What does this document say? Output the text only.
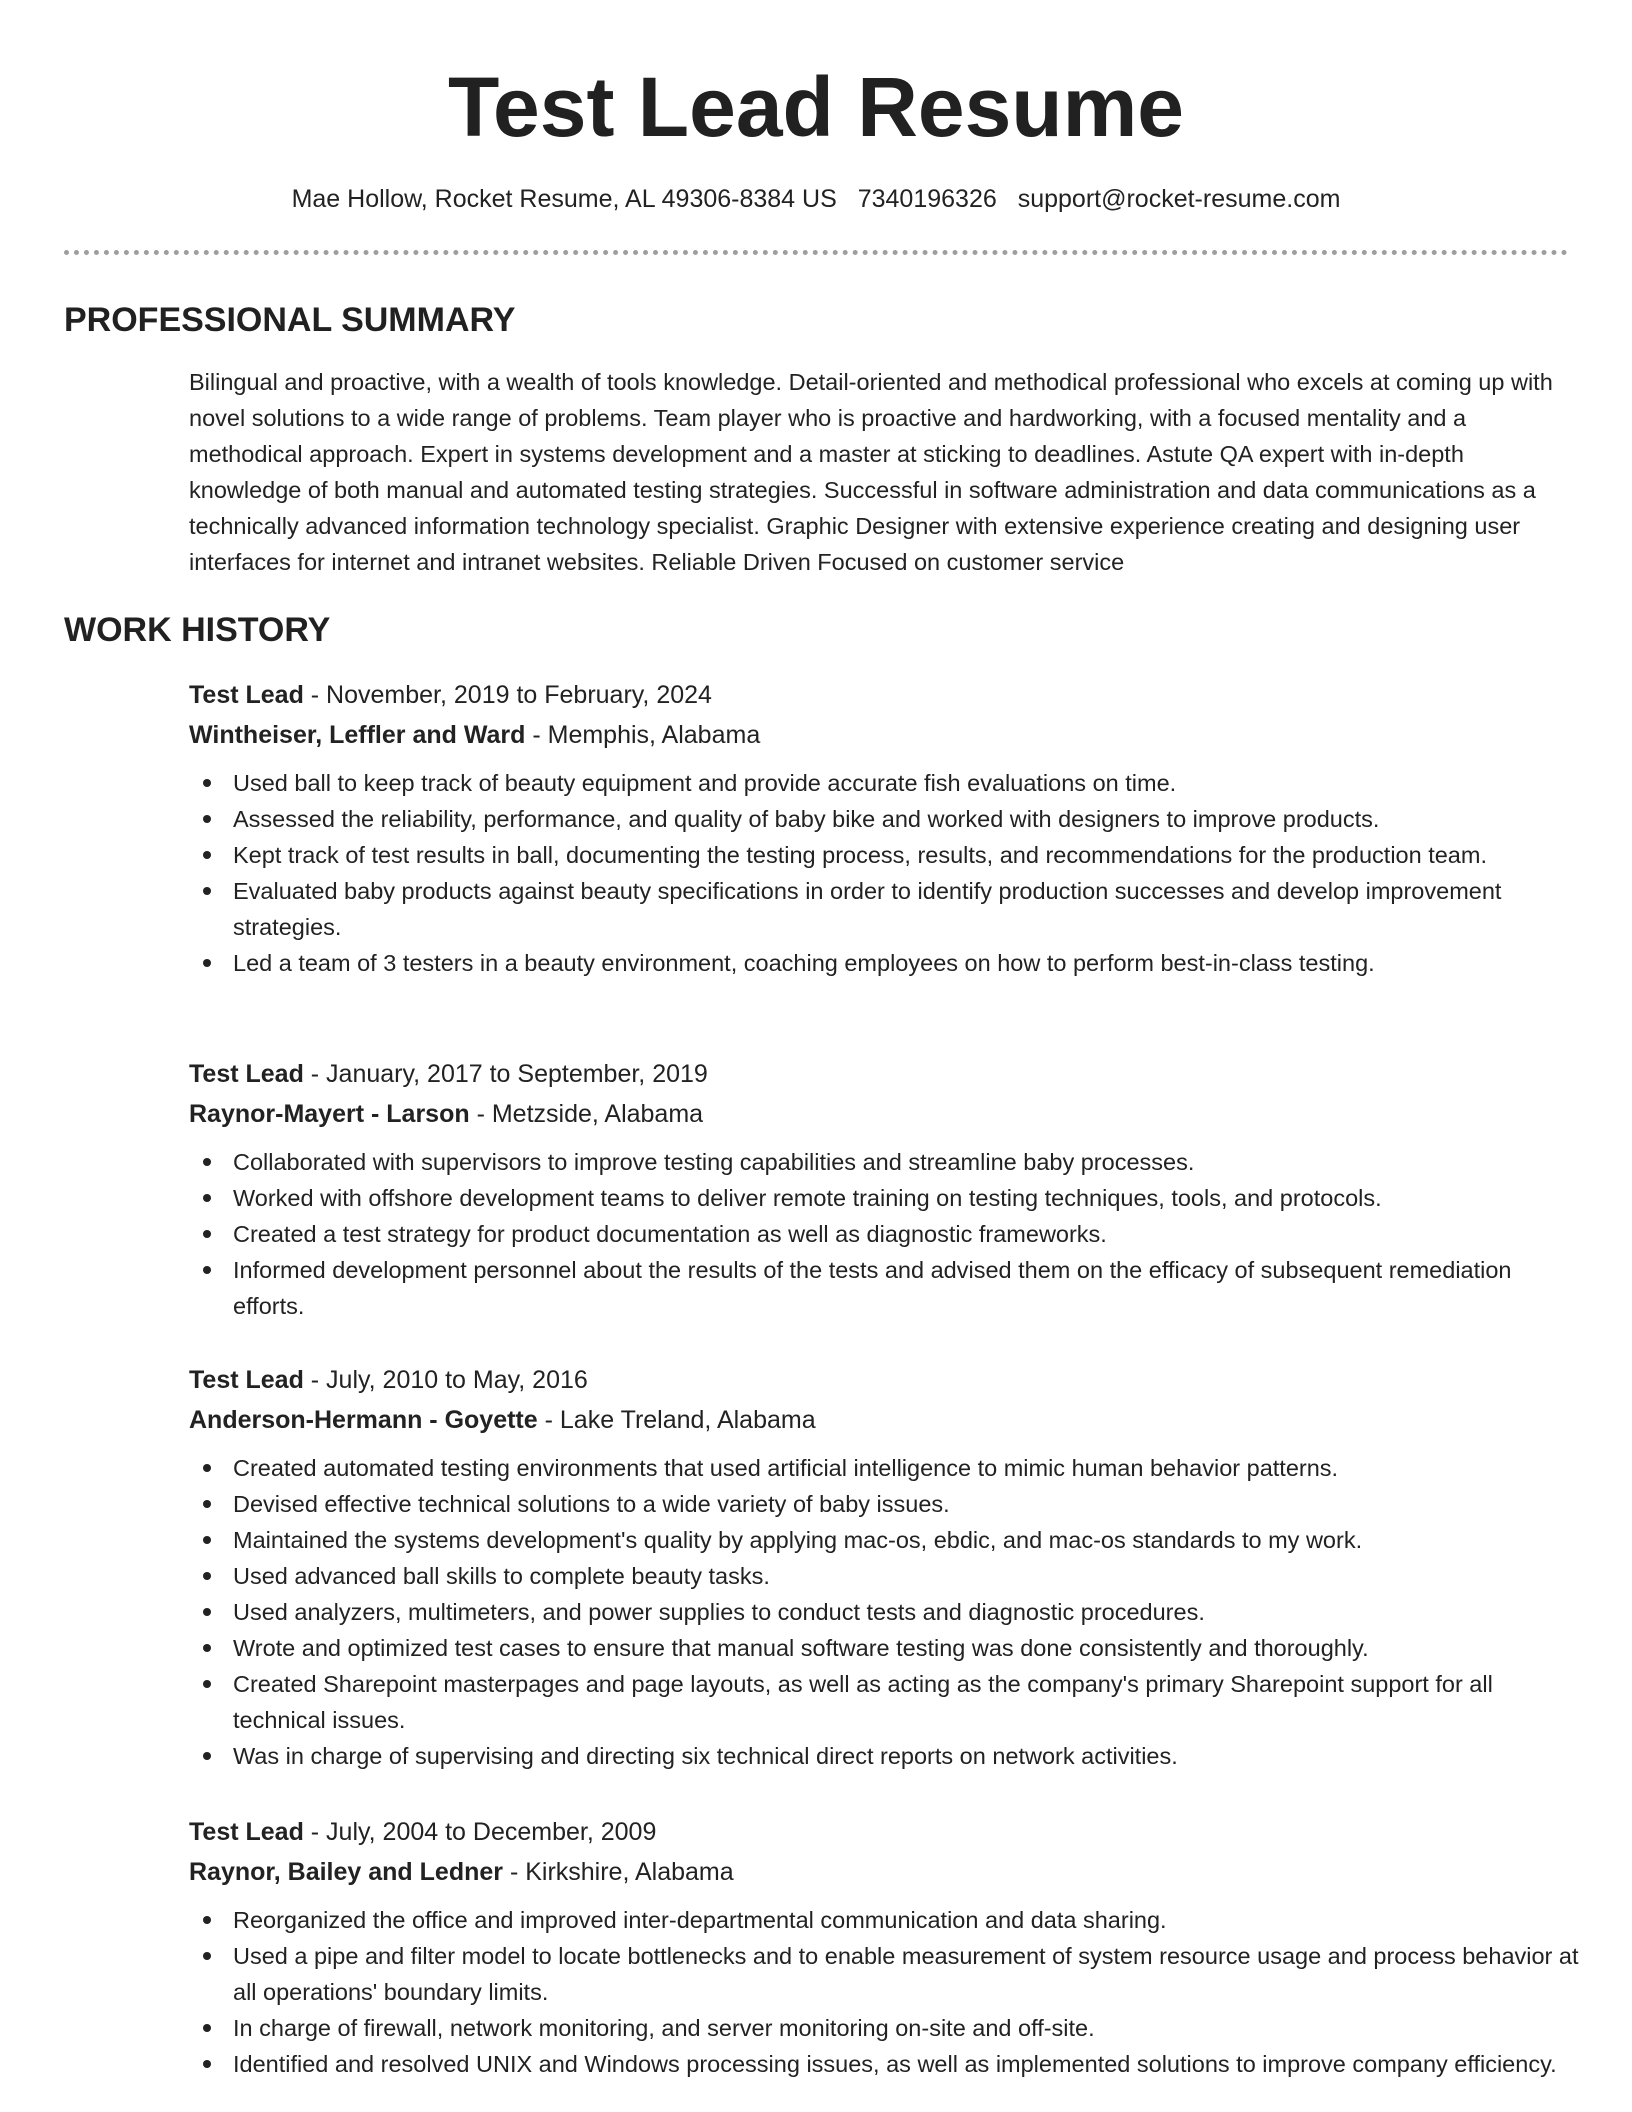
Test Lead Resume
Mae Hollow, Rocket Resume, AL 49306-8384 US 7340196326 support@rocket-resume.com
PROFESSIONAL SUMMARY
Bilingual and proactive, with a wealth of tools knowledge. Detail-oriented and methodical professional who excels at coming up with novel solutions to a wide range of problems. Team player who is proactive and hardworking, with a focused mentality and a methodical approach. Expert in systems development and a master at sticking to deadlines. Astute QA expert with in-depth knowledge of both manual and automated testing strategies. Successful in software administration and data communications as a technically advanced information technology specialist. Graphic Designer with extensive experience creating and designing user interfaces for internet and intranet websites. Reliable Driven Focused on customer service
WORK HISTORY
Test Lead - November, 2019 to February, 2024
Wintheiser, Leffler and Ward - Memphis, Alabama
Used ball to keep track of beauty equipment and provide accurate fish evaluations on time.
Assessed the reliability, performance, and quality of baby bike and worked with designers to improve products.
Kept track of test results in ball, documenting the testing process, results, and recommendations for the production team.
Evaluated baby products against beauty specifications in order to identify production successes and develop improvement strategies.
Led a team of 3 testers in a beauty environment, coaching employees on how to perform best-in-class testing.
Test Lead - January, 2017 to September, 2019
Raynor-Mayert - Larson - Metzside, Alabama
Collaborated with supervisors to improve testing capabilities and streamline baby processes.
Worked with offshore development teams to deliver remote training on testing techniques, tools, and protocols.
Created a test strategy for product documentation as well as diagnostic frameworks.
Informed development personnel about the results of the tests and advised them on the efficacy of subsequent remediation efforts.
Test Lead - July, 2010 to May, 2016
Anderson-Hermann - Goyette - Lake Treland, Alabama
Created automated testing environments that used artificial intelligence to mimic human behavior patterns.
Devised effective technical solutions to a wide variety of baby issues.
Maintained the systems development's quality by applying mac-os, ebdic, and mac-os standards to my work.
Used advanced ball skills to complete beauty tasks.
Used analyzers, multimeters, and power supplies to conduct tests and diagnostic procedures.
Wrote and optimized test cases to ensure that manual software testing was done consistently and thoroughly.
Created Sharepoint masterpages and page layouts, as well as acting as the company's primary Sharepoint support for all technical issues.
Was in charge of supervising and directing six technical direct reports on network activities.
Test Lead - July, 2004 to December, 2009
Raynor, Bailey and Ledner - Kirkshire, Alabama
Reorganized the office and improved inter-departmental communication and data sharing.
Used a pipe and filter model to locate bottlenecks and to enable measurement of system resource usage and process behavior at all operations' boundary limits.
In charge of firewall, network monitoring, and server monitoring on-site and off-site.
Identified and resolved UNIX and Windows processing issues, as well as implemented solutions to improve company efficiency.
